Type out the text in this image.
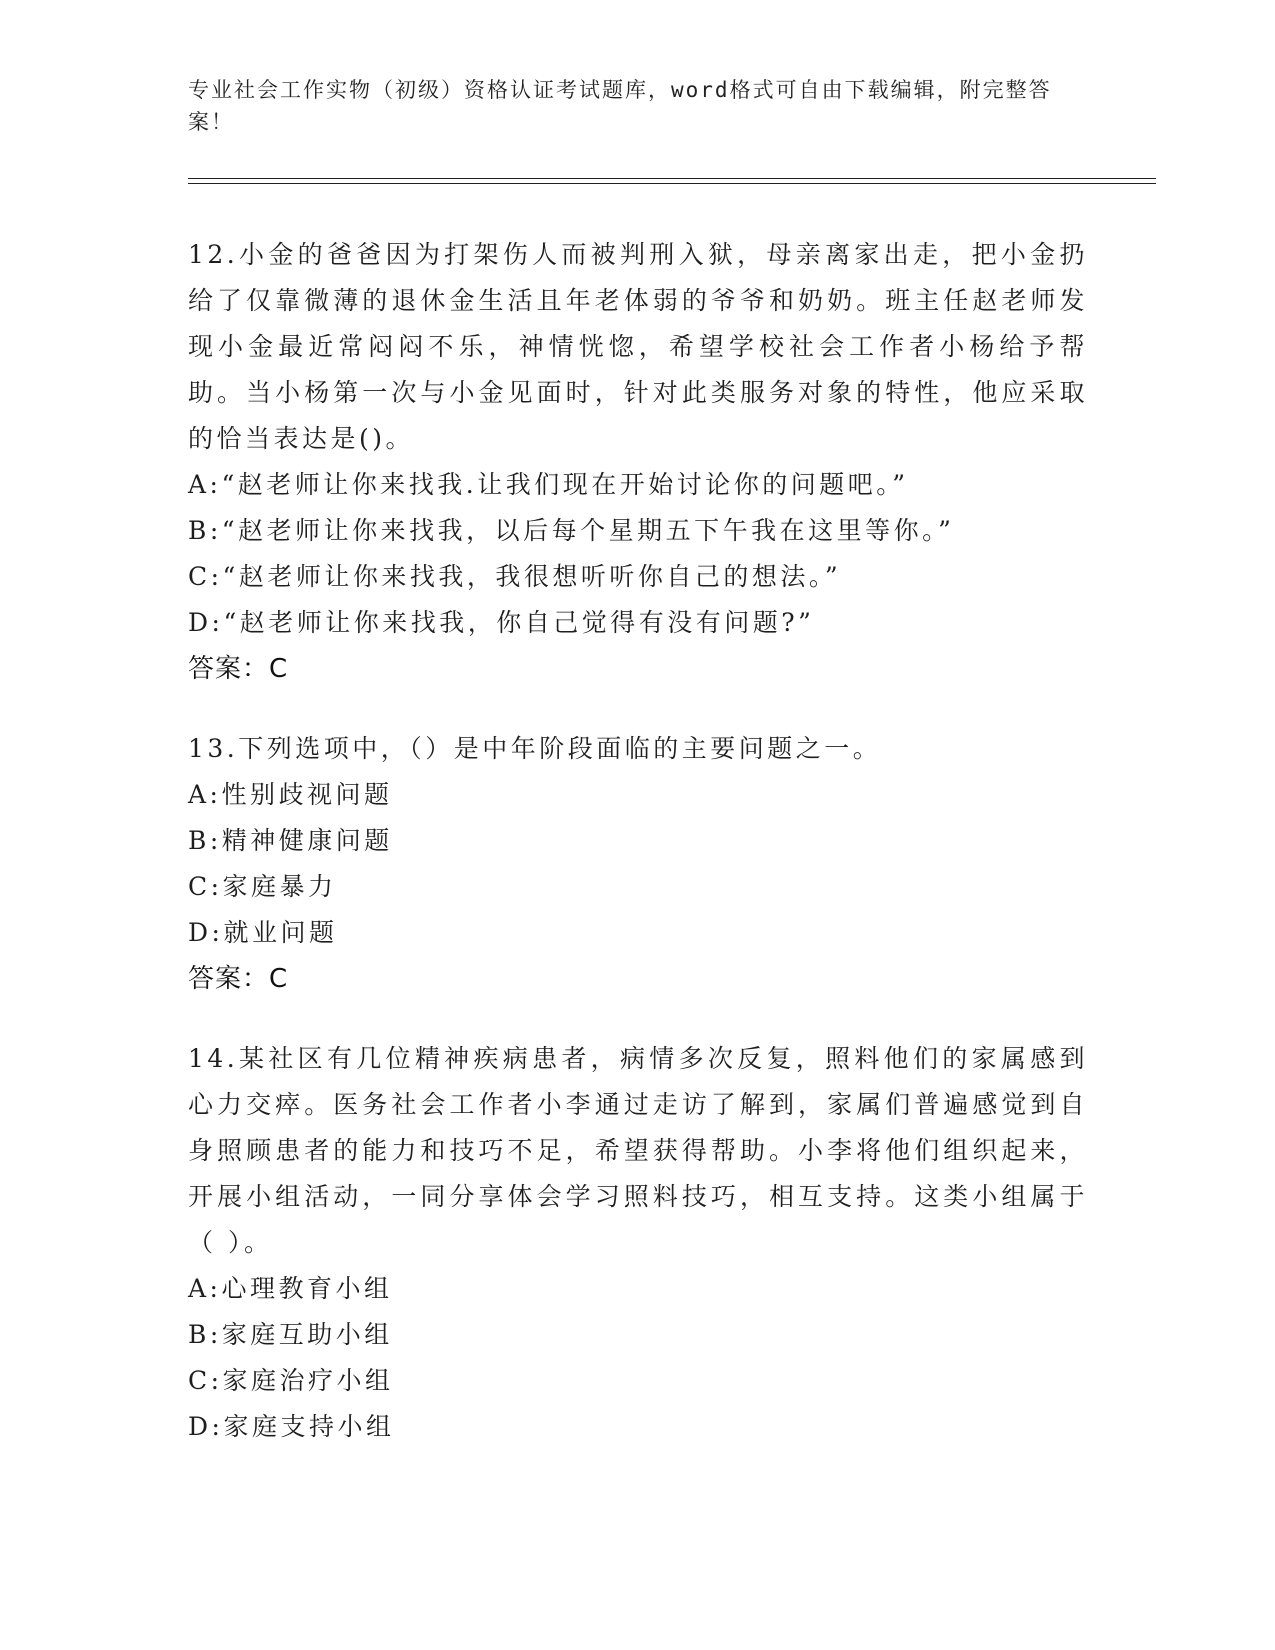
专业社会工作实物（初级）资格认证考试题库，word格式可自由下载编辑，附完整答案！

12.小金的爸爸因为打架伤人而被判刑入狱，母亲离家出走，把小金扔给了仅靠微薄的退休金生活且年老体弱的爷爷和奶奶。班主任赵老师发现小金最近常闷闷不乐，神情恍惚，希望学校社会工作者小杨给予帮助。当小杨第一次与小金见面时，针对此类服务对象的特性，他应采取的恰当表达是()。

A:“赵老师让你来找我.让我们现在开始讨论你的问题吧。”

B:“赵老师让你来找我，以后每个星期五下午我在这里等你。”

C:“赵老师让你来找我，我很想听听你自己的想法。”

D:“赵老师让你来找我，你自己觉得有没有问题?”

答案：C

13.下列选项中，（）是中年阶段面临的主要问题之一。

A:性别歧视问题

B:精神健康问题

C:家庭暴力

D:就业问题

答案：C

14.某社区有几位精神疾病患者，病情多次反复，照料他们的家属感到心力交瘁。医务社会工作者小李通过走访了解到，家属们普遍感觉到自身照顾患者的能力和技巧不足，希望获得帮助。小李将他们组织起来，开展小组活动，一同分享体会学习照料技巧，相互支持。这类小组属于（ ）。

A:心理教育小组

B:家庭互助小组

C:家庭治疗小组

D:家庭支持小组
